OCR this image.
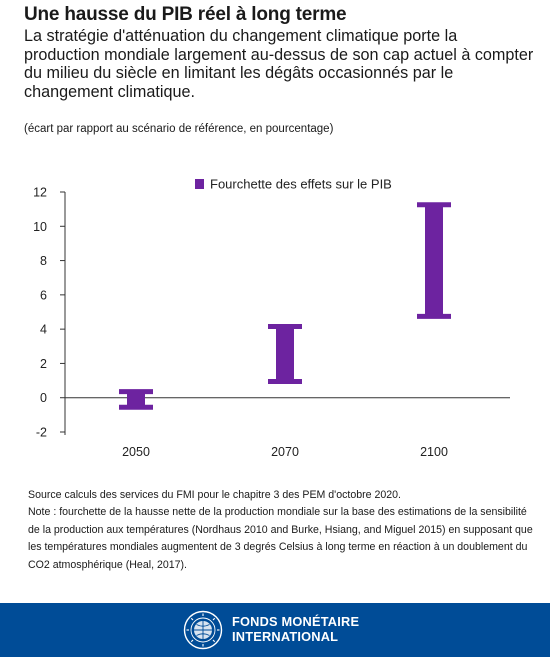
Une hausse du PIB réel à long terme
La stratégie d'atténuation du changement climatique porte la production mondiale largement au-dessus de son cap actuel à compter du milieu du siècle en limitant les dégâts occasionnés par le changement climatique.
(écart par rapport au scénario de référence, en pourcentage)
12
10
8
6
4
2
0
-2
2050	2070	2100
Fourchette des effets sur le PIB

Source calculs des services du FMI pour le chapitre 3 des PEM d'octobre 2020.

Note : fourchette de la hausse nette de la production mondiale sur la base des estimations de la sensibilité de la production aux températures (Nordhaus 2010 and Burke, Hsiang, and Miguel 2015) en supposant que les températures mondiales augmentent de 3 degrés Celsius à long terme en réaction à un doublement du CO2 atmosphérique (Heal, 2017).

FONDS MONÉTAIRE
INTERNATIONAL
